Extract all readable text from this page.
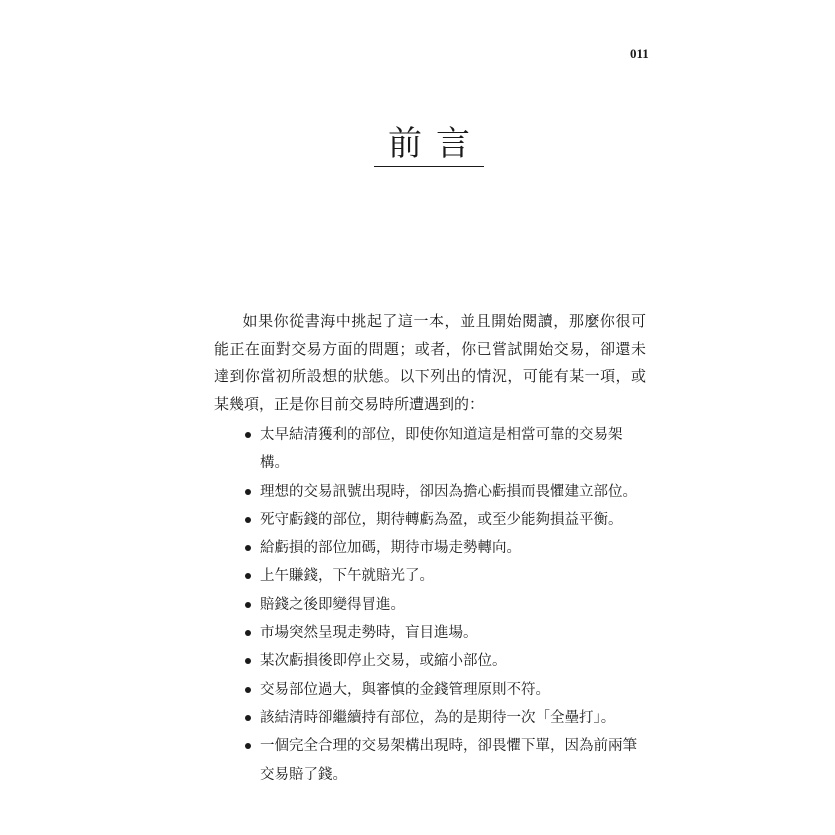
011
前言

如果你從書海中挑起了這一本，並且開始閱讀，那麼你很可能正在面對交易方面的問題；或者，你已嘗試開始交易，卻還未達到你當初所設想的狀態。以下列出的情況，可能有某一項，或某幾項，正是你目前交易時所遭遇到的：

太早結清獲利的部位，即使你知道這是相當可靠的交易架構。
理想的交易訊號出現時，卻因為擔心虧損而畏懼建立部位。
死守虧錢的部位，期待轉虧為盈，或至少能夠損益平衡。
給虧損的部位加碼，期待市場走勢轉向。
上午賺錢，下午就賠光了。
賠錢之後即變得冒進。
市場突然呈現走勢時，盲目進場。
某次虧損後即停止交易，或縮小部位。
交易部位過大，與審慎的金錢管理原則不符。
該結清時卻繼續持有部位，為的是期待一次「全壘打」。
一個完全合理的交易架構出現時，卻畏懼下單，因為前兩筆交易賠了錢。
